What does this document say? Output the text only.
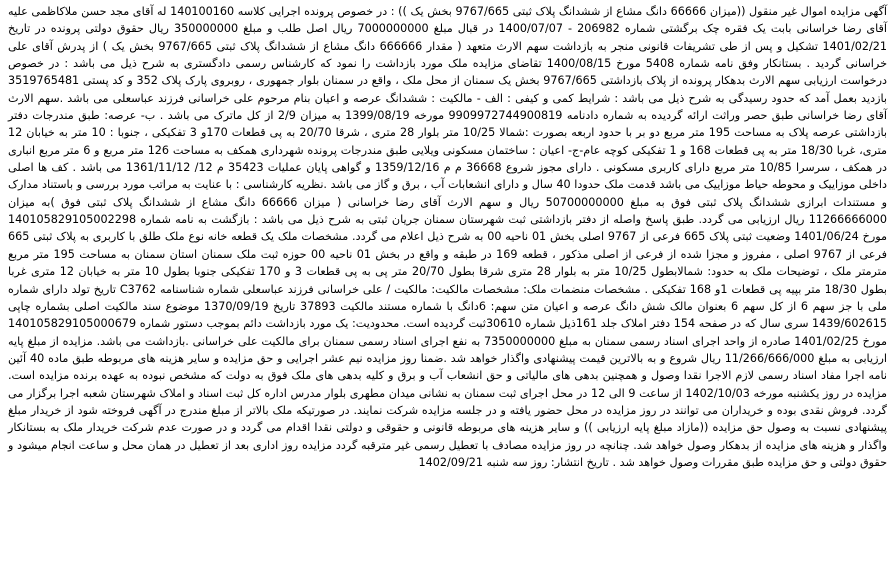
آگهی مزایده اموال غیر منقول ((میزان 66666 دانگ مشاع از ششدانگ پلاک ثبتی 9767/665 بخش یک )) : در خصوص پرونده اجرایی کلاسه 140100160 له آقای مجد حسن ملاکاظمی علیه آقای رضا خراسانی بابت یک فقره چک برگشتی شماره 206982 - 1400/07/07 در قبال مبلغ 7000000000 ریال اصل طلب و مبلغ 350000000 ریال حقوق دولتی پرونده در تاریخ 1401/02/21 تشکیل و پس از طی تشریفات قانونی منجر به بازداشت سهم الارث متعهد ( مقدار 666666 دانگ مشاع از ششدانگ پلاک ثبتی 9767/665 بخش یک ) از پدرش آقای علی خراسانی گردید . بستانکار وفق نامه شماره 5408 مورخ 1400/08/15 تقاضای مزایده ملک مورد بازداشت را نمود که کارشناس رسمی دادگستری به شرح ذیل می باشد : در خصوص درخواست ارزیابی سهم الارث بدهکار پرونده از پلاک بازداشتی 9767/665 بخش یک سمنان از محل ملک ، واقع در سمنان بلوار جمهوری ، روبروی پارک پلاک 352 و کد پستی 3519765481 بازدید بعمل آمد که حدود رسیدگی به شرح ذیل می باشد : شرایط کمی و کیفی : الف - مالکیت : ششدانگ عرصه و اعیان بنام مرحوم علی خراسانی فرزند عباسعلی می باشد .سهم الارث آقای رضا خراسانی طبق حصر وراثت ارائه گردیده به شماره دادنامه 9909972744900819 مورخه 1399/08/19 به میزان 2/9 از کل ماترک می باشد . ب- عرصه: طبق مندرجات دفتر بازداشتی عرصه پلاک به مساحت 195 متر مربع دو بر با حدود اربعه بصورت :شمالا 10/25 متر بلوار 28 متری ، شرقا 20/70 به پی قطعات 170و 3 تفکیکی ، جنوبا : 10 متر به خیابان 12 متری، غربا 18/30 متر به پی قطعات 168 و 1 تفکیکی کوچه عام-ج- اعیان : ساختمان مسکونی ویلایی طبق مندرجات پرونده شهرداری همکف به مساحت 126 متر مربع و 6 متر مربع انباری در همکف ، سرسرا 10/85 متر مربع دارای کاربری مسکونی . دارای مجوز شروع 36668 م م 1359/12/16 و گواهی پایان عملیات 35423 م 12/ 1361/11/12 می باشد . کف ها اصلی داخلی موزاییک و محوطه حیاط موزاییک می باشد قدمت ملک حدودا 40 سال و دارای انشعابات آب ، برق و گاز می باشد .نظریه کارشناسی : با عنایت به مراتب مورد بررسی و باستناد مدارک و مستندات ابرازی ششدانگ پلاک ثبتی فوق به مبلغ 50700000000 ریال و سهم الارث آقای رضا خراسانی ( میزان 66666 دانگ مشاع از ششدانگ پلاک ثبتی فوق )به میزان 11266666000 ریال ارزیابی می گردد. طبق پاسخ واصله از دفتر بازداشتی ثبت شهرستان سمنان جریان ثبتی به شرح ذیل می باشد : بازگشت به نامه شماره 140105829105002298 مورخ 1401/06/24 وضعیت ثبتی پلاک 665 فرعی از 9767 اصلی بخش 01 ناحیه 00 به شرح ذیل اعلام می گردد. مشخصات ملک یک قطعه خانه نوع ملک طلق با کاربری به پلاک ثبتی 665 فرعی از 9767 اصلی ، مفروز و مجزا شده از فرعی از اصلی مذکور ، قطعه 169 در طبقه و واقع در بخش 01 ناحیه 00 حوزه ثبت ملک سمنان استان سمنان به مساحت 195 متر مربع مترمتر ملک ، توضیحات ملک به حدود: شمالابطول 10/25 متر به بلوار 28 متری شرقا بطول 20/70 متر پی به پی قطعات 3 و 170 تفکیکی جنوبا بطول 10 متر به خیابان 12 متری غربا بطول 18/30 متر بپیه پی قطعات 1و 168 تفکیکی . مشخصات منضمات ملک: مشخصات مالکیت: مالکیت / علی خراسانی فرزند عباسعلی شماره شناسنامه C3762 تاریخ تولد دارای شماره ملی با جز سهم 6 از کل سهم 6 بعنوان مالک شش دانگ عرصه و اعیان متن سهم: 6دانگ با شماره مستند مالکیت 37893 تاریخ 1370/09/19 موضوع سند مالکیت اصلی بشماره چاپی 1439/602615 سری سال که در صفحه 154 دفتر املاک جلد 161ذیل شماره 30610ثبت گردیده است. محدودیت: یک مورد بازداشت دائم بموجب دستور شماره 140105829105000679 مورخ 1401/02/25 صادره از واحد اجرای اسناد رسمی سمنان به مبلغ 7350000000 به نفع اجرای اسناد رسمی سمنان برای مالکیت علی خراسانی .بازداشت می باشد. مزایده از مبلغ پایه ارزیابی به مبلغ 11/266/666/000 ریال شروع و به بالاترین قیمت پیشنهادی واگذار خواهد شد .ضمنا روز مزایده نیم عشر اجرایی و حق مزایده و سایر هزینه های مربوطه طبق ماده 40 آئین نامه اجرا مفاد اسناد رسمی لازم الاجرا نقدا وصول و همچنین بدهی های مالیاتی و حق انشعاب آب و برق و کلیه بدهی های ملک فوق به دولت که مشخص نبوده به عهده برنده مزایده است. مزایده در روز یکشنبه مورخه 1402/10/03 از ساعت 9 الی 12 در محل اجرای ثبت سمنان به نشانی میدان مطهری بلوار مدرس اداره کل ثبت اسناد و املاک شهرستان شعبه اجرا برگزار می گردد. فروش نقدی بوده و خریداران می توانند در روز مزایده در محل حضور یافته و در جلسه مزایده شرکت نمایند. در صورتیکه ملک بالاتر از مبلغ مندرج در آگهی فروخته شود از خریدار مبلغ پیشنهادی نسبت به وصول حق مزایده ((مازاد مبلغ پایه ارزیابی )) و سایر هزینه های مربوطه قانونی و حقوقی و دولتی نقدا اقدام می گردد و در صورت عدم شرکت خریدار ملک به بستانکار واگذار و هزینه های مزایده از بدهکار وصول خواهد شد. چنانچه در روز مزایده مصادف با تعطیل رسمی غیر مترقبه گردد مزایده روز اداری بعد از تعطیل در همان محل و ساعت انجام میشود و حقوق دولتی و حق مزایده طبق مقررات وصول خواهد شد . تاریخ انتشار: روز سه شنبه 1402/09/21
